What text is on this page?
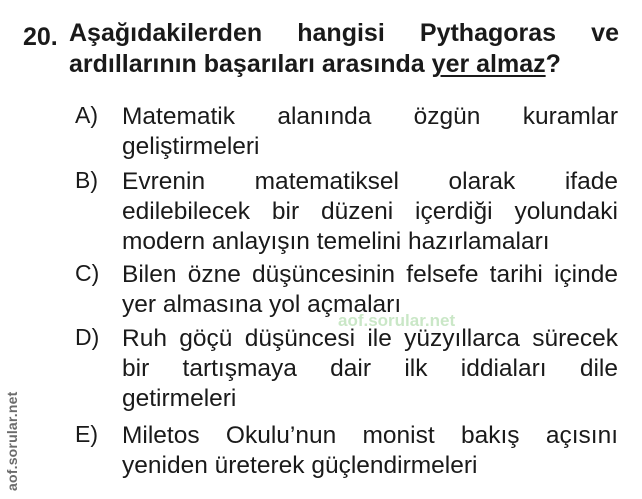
20. Aşağıdakilerden hangisi Pythagoras ve
ardıllarının başarıları arasında yer almaz?
A) Matematik alanında özgün kuramlar
geliştirmeleri
B) Evrenin matematiksel olarak ifade
edilebilecek bir düzeni içerdiği yolundaki
modern anlayışın temelini hazırlamaları
C) Bilen özne düşüncesinin felsefe tarihi içinde
yer almasına yol açmaları
D) Ruh göçü düşüncesi ile yüzyıllarca sürecek
bir tartışmaya dair ilk iddiaları dile
getirmeleri
E) Miletos Okulu’nun monist bakış açısını
yeniden üreterek güçlendirmeleri
aof.sorular.net
aof.sorular.net
